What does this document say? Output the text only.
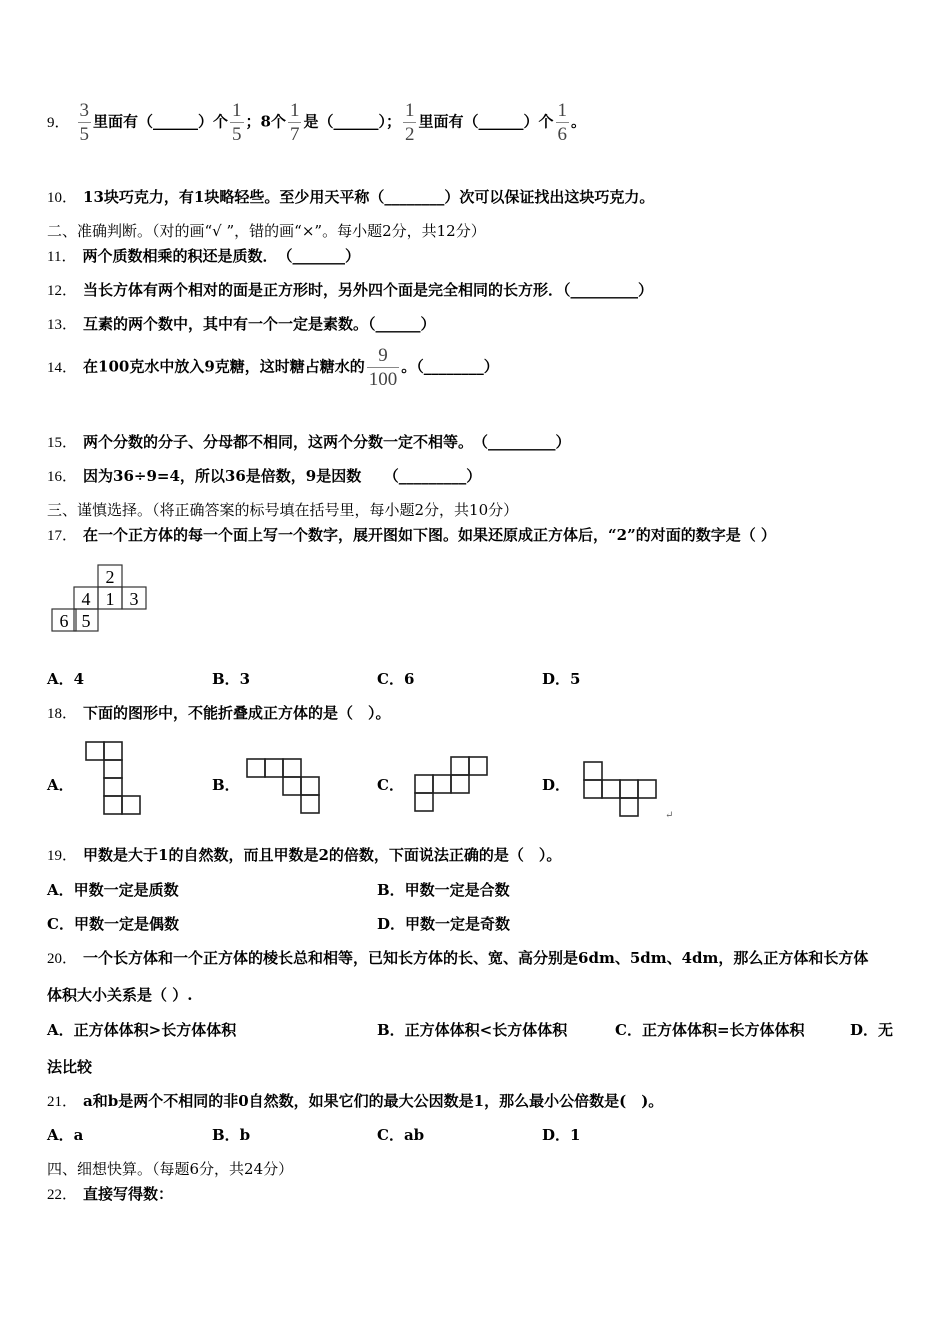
9． $\frac{3}{5}$ 里面有（______）个 $\frac{1}{5}$ ；8个 $\frac{1}{7}$ 是（______）； $\frac{1}{2}$ 里面有（______）个 $\frac{1}{6}$ 。
10． 13块巧克力，有1块略轻些。至少用天平称（________）次可以保证找出这块巧克力。
二、准确判断。（对的画“√ ”，错的画“×”。每小题2分，共12分）
11． 两个质数相乘的积还是质数．　（_______）
12． 当长方体有两个相对的面是正方形时，另外四个面是完全相同的长方形．（_________）
13． 互素的两个数中，其中有一个一定是素数。（______）
14． 在100克水中放入9克糖，这时糖占糖水的 $\frac{9}{100}$ 。（________）
15． 两个分数的分子、分母都不相同，这两个分数一定不相等。　（_________）
16． 因为36÷9=4，所以36是倍数，9是因数　　（_________）
三、谨慎选择。（将正确答案的标号填在括号里，每小题2分，共10分）
17． 在一个正方体的每一个面上写一个数字，展开图如下图。如果还原成正方体后，“2”的对面的数字是（ ）
2
4 1 3
6 5
A．4	B．3	C．6	D．5
18． 下面的图形中，不能折叠成正方体的是（　）。
A．	B．	C．	D．
↵
19． 甲数是大于1的自然数，而且甲数是2的倍数，下面说法正确的是（　）。
A．甲数一定是质数	B．甲数一定是合数
C．甲数一定是偶数	D．甲数一定是奇数
20． 一个长方体和一个正方体的棱长总和相等，已知长方体的长、宽、高分别是6dm、5dm、4dm，那么正方体和长方体
体积大小关系是（ ）.
A．正方体体积>长方体体积	B．正方体体积<长方体体积	C．正方体体积=长方体体积	D．无
法比较
21． a和b是两个不相同的非0自然数，如果它们的最大公因数是1，那么最小公倍数是(　)。
A．a	B．b	C．ab	D．1
四、细想快算。（每题6分，共24分）
22． 直接写得数：
